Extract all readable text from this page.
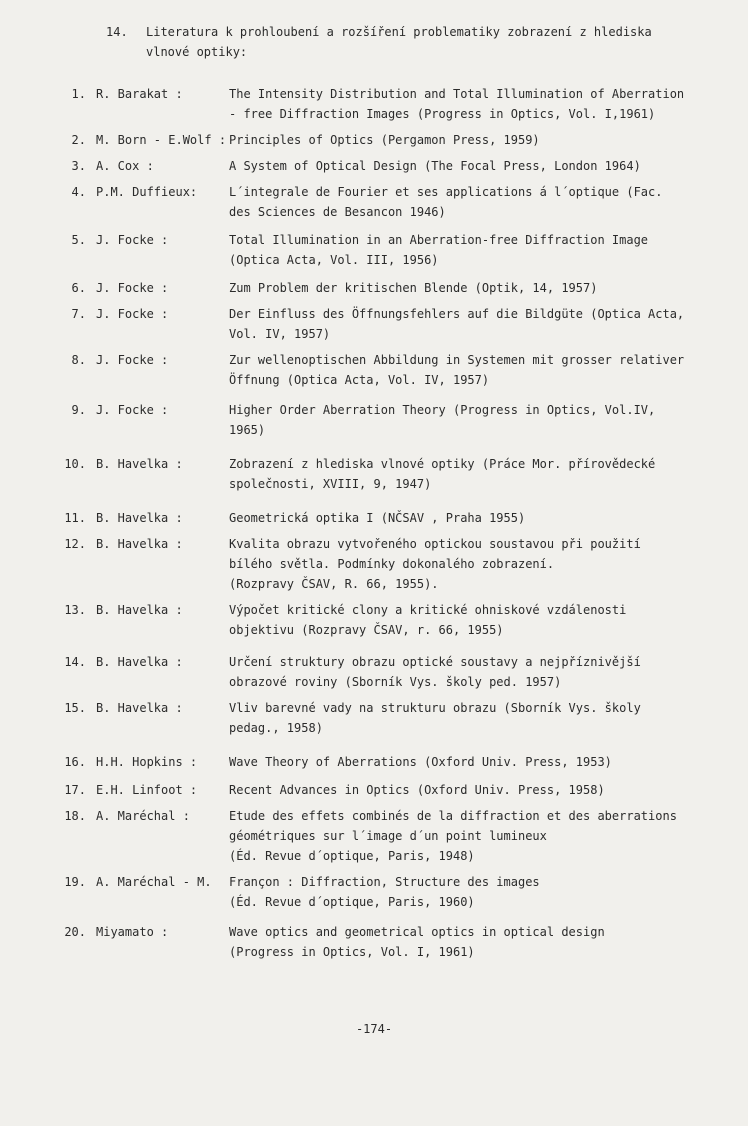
14. Literatura k prohloubení a rozšíření problematiky zobrazení z hlediska
vlnové optiky:
1. R. Barakat :	The Intensity Distribution and Total Illumination of Aberration
- free Diffraction Images (Progress in Optics, Vol. I,1961)
2. M. Born - E.Wolf : Principles of Optics (Pergamon Press, 1959)
3. A. Cox :	A System of Optical Design (The Focal Press, London 1964)
4. P.M. Duffieux:	L´integrale de Fourier et ses applications á l´optique (Fac.
des Sciences de Besancon 1946)
5. J. Focke :	Total Illumination in an Aberration-free Diffraction Image
(Optica Acta, Vol. III, 1956)
6. J. Focke :	Zum Problem der kritischen Blende (Optik, 14, 1957)
7. J. Focke :	Der Einfluss des Öffnungsfehlers auf die Bildgüte (Optica Acta,
Vol. IV, 1957)
8. J. Focke :	Zur wellenoptischen Abbildung in Systemen mit grosser relativer
Öffnung (Optica Acta, Vol. IV, 1957)
9. J. Focke :	Higher Order Aberration Theory (Progress in Optics, Vol.IV,
1965)
10. B. Havelka :	Zobrazení z hlediska vlnové optiky (Práce Mor. přírovědecké
společnosti, XVIII, 9, 1947)
11. B. Havelka :	Geometrická optika I (NČSAV , Praha 1955)
12. B. Havelka :	Kvalita obrazu vytvořeného optickou soustavou při použití
bílého světla. Podmínky dokonalého zobrazení.
(Rozpravy ČSAV, R. 66, 1955).
13. B. Havelka :	Výpočet kritické clony a kritické ohniskové vzdálenosti
objektivu (Rozpravy ČSAV, r. 66, 1955)
14. B. Havelka :	Určení struktury obrazu optické soustavy a nejpříznivější
obrazové roviny (Sborník Vys. školy ped. 1957)
15. B. Havelka :	Vliv barevné vady na strukturu obrazu (Sborník Vys. školy
pedag., 1958)
16. H.H. Hopkins :	Wave Theory of Aberrations (Oxford Univ. Press, 1953)
17. E.H. Linfoot :	Recent Advances in Optics (Oxford Univ. Press, 1958)
18. A. Maréchal :	Etude des effets combinés de la diffraction et des aberrations
géométriques sur l´image d´un point lumineux
(Éd. Revue d´optique, Paris, 1948)
19. A. Maréchal - M.	Françon : Diffraction, Structure des images
(Éd. Revue d´optique, Paris, 1960)
20. Miyamato :	Wave optics and geometrical optics in optical design
(Progress in Optics, Vol. I, 1961)
-174-
